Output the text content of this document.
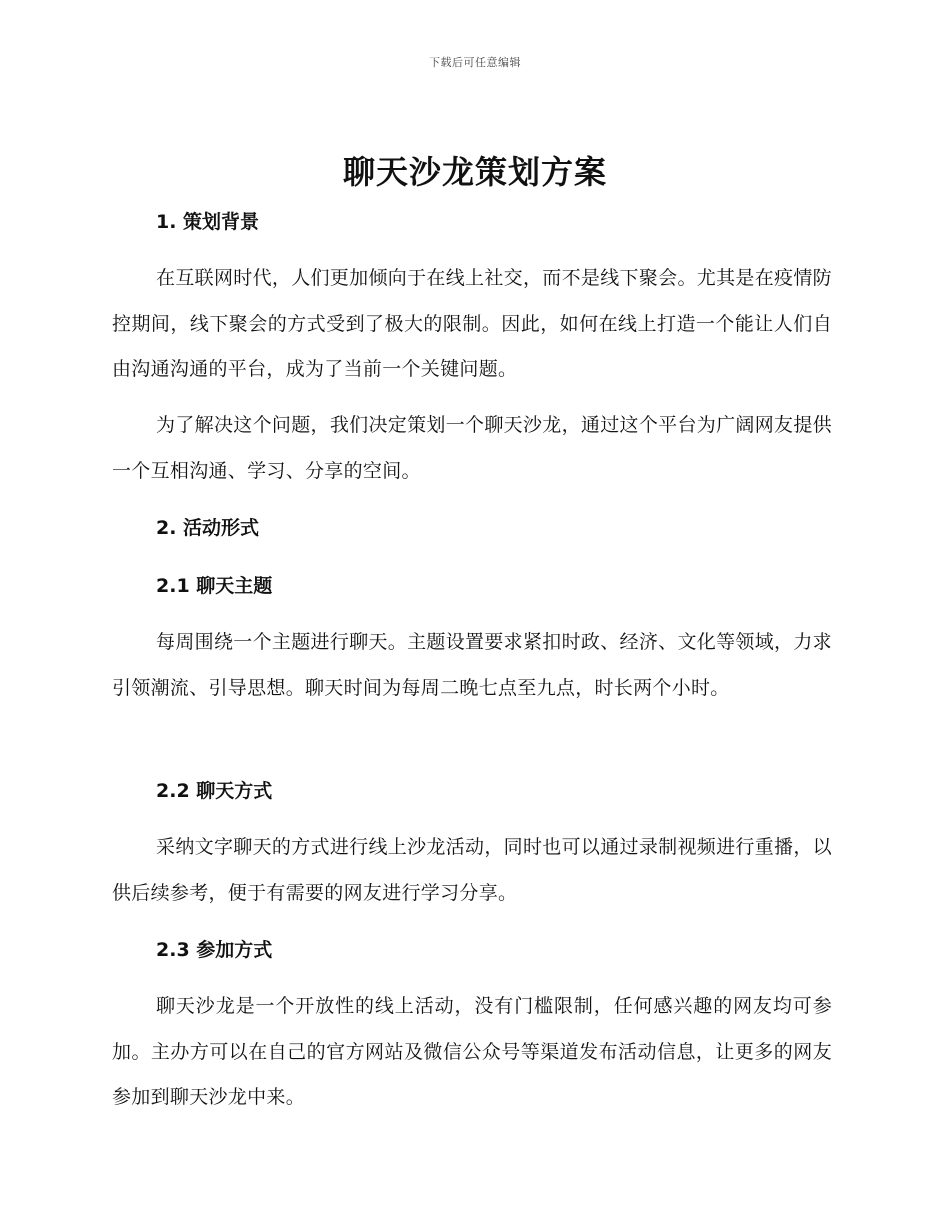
下载后可任意编辑
聊天沙龙策划方案
1. 策划背景

在互联网时代，人们更加倾向于在线上社交，而不是线下聚会。尤其是在疫情防控期间，线下聚会的方式受到了极大的限制。因此，如何在线上打造一个能让人们自由沟通沟通的平台，成为了当前一个关键问题。

为了解决这个问题，我们决定策划一个聊天沙龙，通过这个平台为广阔网友提供一个互相沟通、学习、分享的空间。

2. 活动形式
2.1 聊天主题

每周围绕一个主题进行聊天。主题设置要求紧扣时政、经济、文化等领域，力求引领潮流、引导思想。聊天时间为每周二晚七点至九点，时长两个小时。

2.2 聊天方式

采纳文字聊天的方式进行线上沙龙活动，同时也可以通过录制视频进行重播，以供后续参考，便于有需要的网友进行学习分享。

2.3 参加方式

聊天沙龙是一个开放性的线上活动，没有门槛限制，任何感兴趣的网友均可参加。主办方可以在自己的官方网站及微信公众号等渠道发布活动信息，让更多的网友参加到聊天沙龙中来。
